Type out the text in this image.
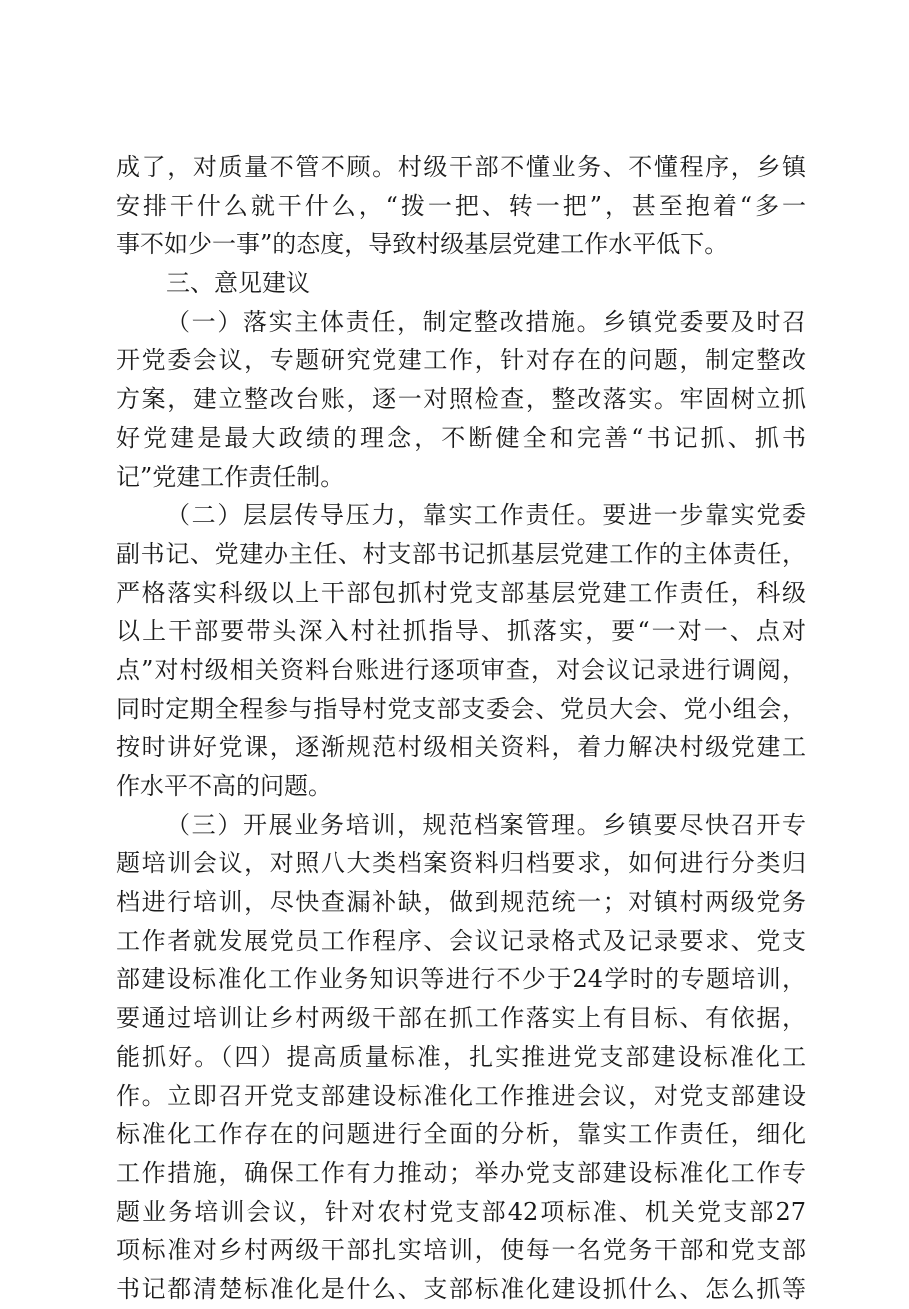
成了，对质量不管不顾。村级干部不懂业务、不懂程序，乡镇
安排干什么就干什么，“拨一把、转一把”，甚至抱着“多一
事不如少一事”的态度，导致村级基层党建工作水平低下。
三、意见建议
（一）落实主体责任，制定整改措施。乡镇党委要及时召
开党委会议，专题研究党建工作，针对存在的问题，制定整改
方案，建立整改台账，逐一对照检查，整改落实。牢固树立抓
好党建是最大政绩的理念，不断健全和完善“书记抓、抓书
记”党建工作责任制。
（二）层层传导压力，靠实工作责任。要进一步靠实党委
副书记、党建办主任、村支部书记抓基层党建工作的主体责任，
严格落实科级以上干部包抓村党支部基层党建工作责任，科级
以上干部要带头深入村社抓指导、抓落实，要“一对一、点对
点”对村级相关资料台账进行逐项审查，对会议记录进行调阅，
同时定期全程参与指导村党支部支委会、党员大会、党小组会，
按时讲好党课，逐渐规范村级相关资料，着力解决村级党建工
作水平不高的问题。
（三）开展业务培训，规范档案管理。乡镇要尽快召开专
题培训会议，对照八大类档案资料归档要求，如何进行分类归
档进行培训，尽快查漏补缺，做到规范统一；对镇村两级党务
工作者就发展党员工作程序、会议记录格式及记录要求、党支
部建设标准化工作业务知识等进行不少于24学时的专题培训，
要通过培训让乡村两级干部在抓工作落实上有目标、有依据，
能抓好。（四）提高质量标准，扎实推进党支部建设标准化工
作。立即召开党支部建设标准化工作推进会议，对党支部建设
标准化工作存在的问题进行全面的分析，靠实工作责任，细化
工作措施，确保工作有力推动；举办党支部建设标准化工作专
题业务培训会议，针对农村党支部42项标准、机关党支部27
项标准对乡村两级干部扎实培训，使每一名党务干部和党支部
书记都清楚标准化是什么、支部标准化建设抓什么、怎么抓等
